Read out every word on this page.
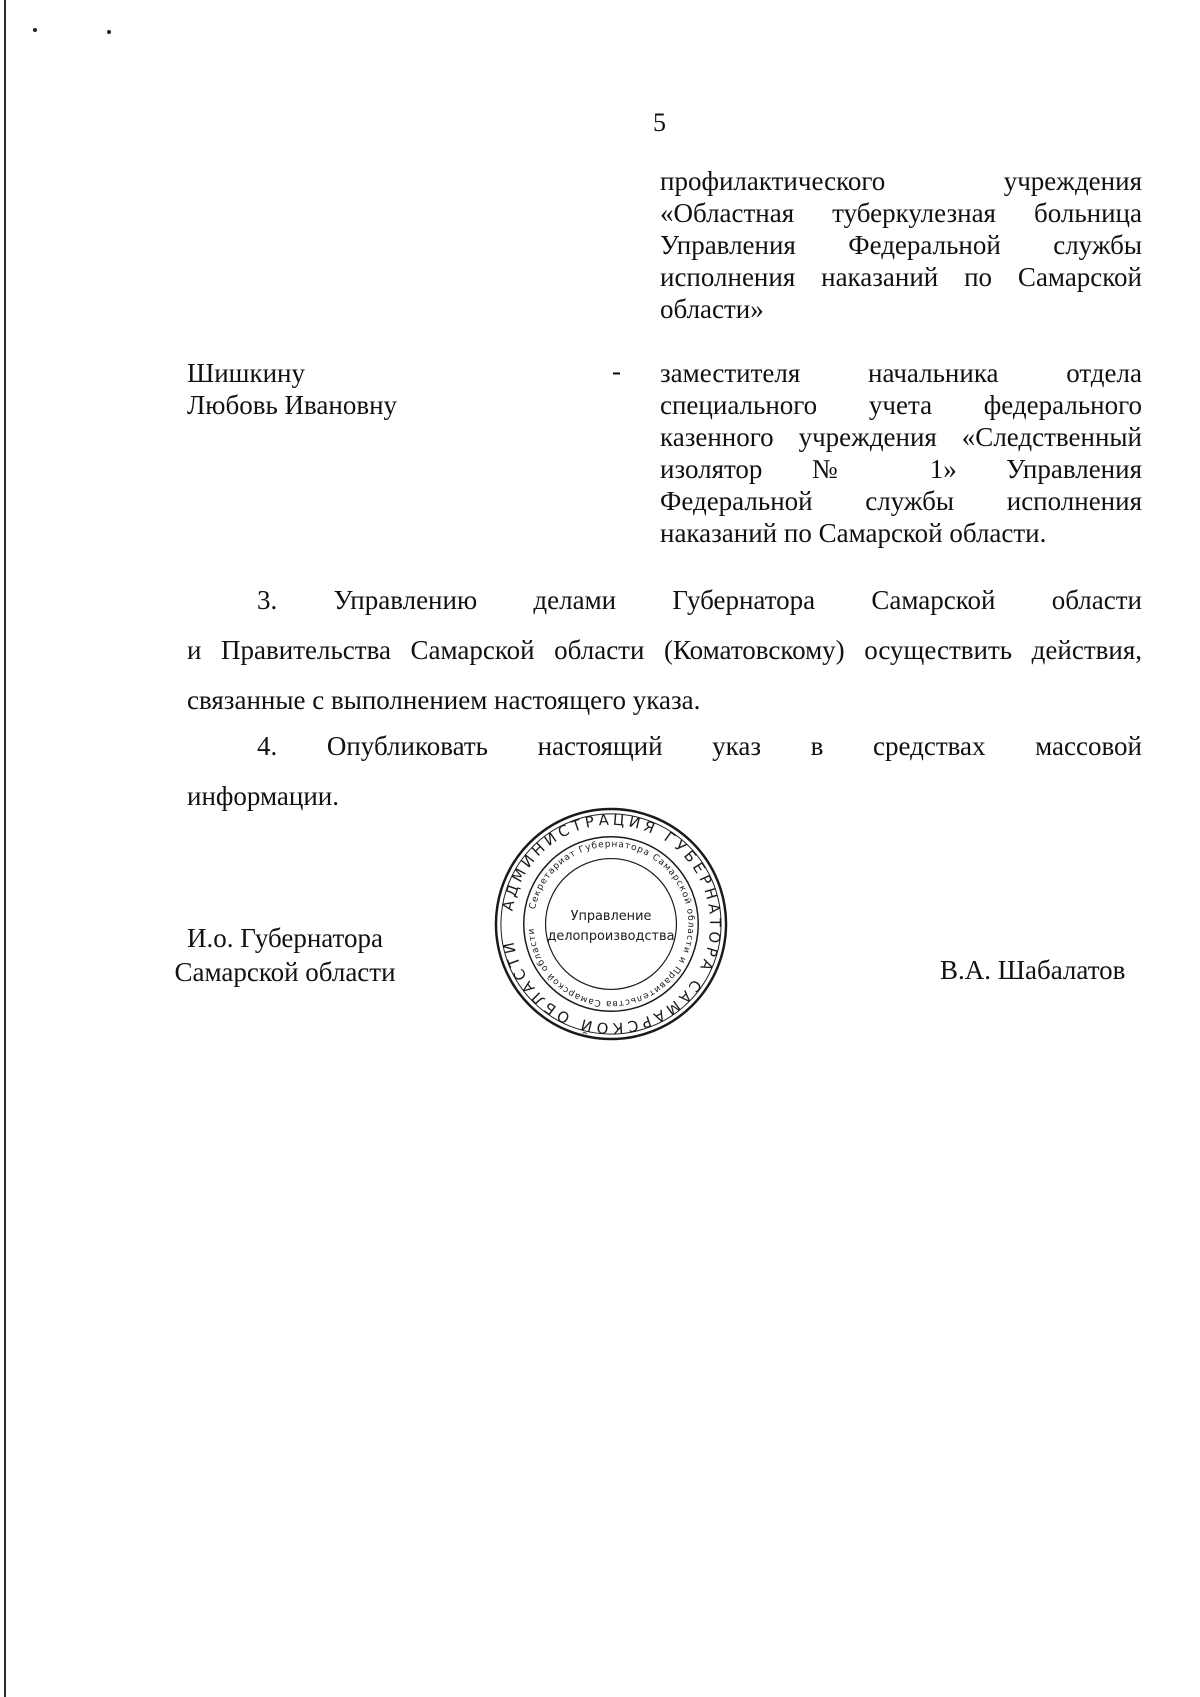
5
профилактического учреждения
«Областная туберкулезная больница
Управления Федеральной службы
исполнения наказаний по Самарской
области»
Шишкину
Любовь Ивановну
- заместителя начальника отдела
специального учета федерального
казенного учреждения «Следственный
изолятор № 1» Управления
Федеральной службы исполнения
наказаний по Самарской области.
3. Управлению делами Губернатора Самарской области
и Правительства Самарской области (Коматовскому) осуществить действия,
связанные с выполнением настоящего указа.
4. Опубликовать настоящий указ в средствах массовой
информации.
И.о. Губернатора
Самарской области
АДМИНИСТРАЦИЯ ГУБЕРНАТОРА САМАРСКОЙ ОБЛАСТИ
Секретариат Губернатора Самарской области и Правительства Самарской области
Управление
делопроизводства
В.А. Шабалатов
